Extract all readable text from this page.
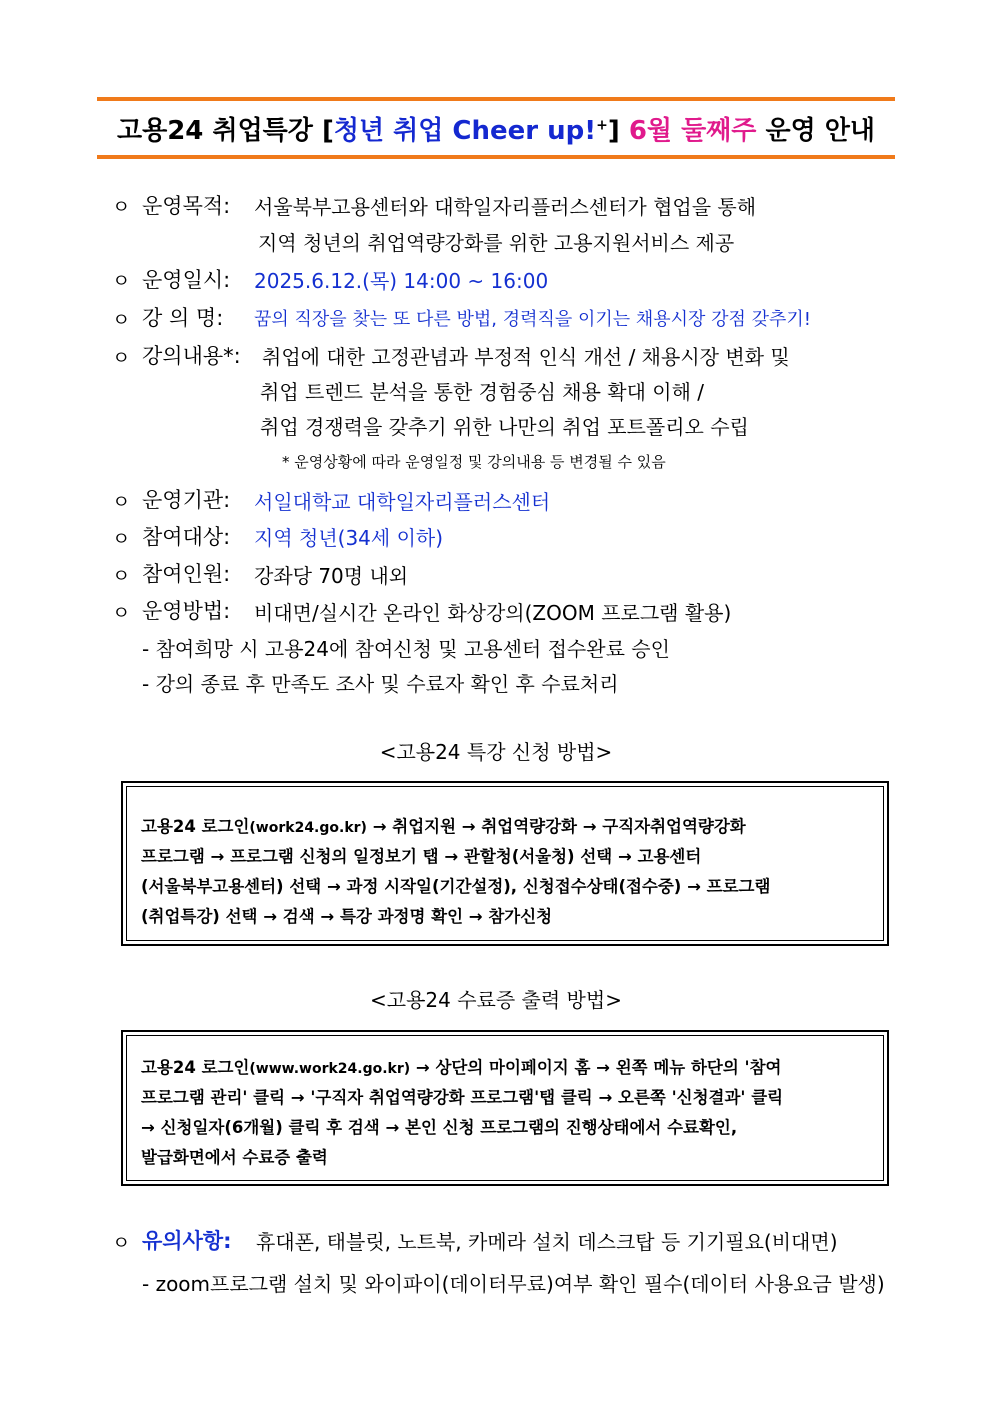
고용24 취업특강 [청년 취업 Cheer up!+] 6월 둘째주 운영 안내
ㅇ 운영목적: 서울북부고용센터와 대학일자리플러스센터가 협업을 통해
지역 청년의 취업역량강화를 위한 고용지원서비스 제공
ㅇ 운영일시: 2025.6.12.(목) 14:00 ~ 16:00
ㅇ 강 의 명: 꿈의 직장을 찾는 또 다른 방법, 경력직을 이기는 채용시장 강점 갖추기!
ㅇ 강의내용*: 취업에 대한 고정관념과 부정적 인식 개선 / 채용시장 변화 및
취업 트렌드 분석을 통한 경험중심 채용 확대 이해 /
취업 경쟁력을 갖추기 위한 나만의 취업 포트폴리오 수립
* 운영상황에 따라 운영일정 및 강의내용 등 변경될 수 있음
ㅇ 운영기관: 서일대학교 대학일자리플러스센터
ㅇ 참여대상: 지역 청년(34세 이하)
ㅇ 참여인원: 강좌당 70명 내외
ㅇ 운영방법: 비대면/실시간 온라인 화상강의(ZOOM 프로그램 활용)
- 참여희망 시 고용24에 참여신청 및 고용센터 접수완료 승인
- 강의 종료 후 만족도 조사 및 수료자 확인 후 수료처리
<고용24 특강 신청 방법>
고용24 로그인(work24.go.kr) → 취업지원 → 취업역량강화 → 구직자취업역량강화
프로그램 → 프로그램 신청의 일정보기 탭 → 관할청(서울청) 선택 → 고용센터
(서울북부고용센터) 선택 → 과정 시작일(기간설정), 신청접수상태(접수중) → 프로그램
(취업특강) 선택 → 검색 → 특강 과정명 확인 → 참가신청
<고용24 수료증 출력 방법>
고용24 로그인(www.work24.go.kr) → 상단의 마이페이지 홈 → 왼쪽 메뉴 하단의 '참여
프로그램 관리' 클릭 → '구직자 취업역량강화 프로그램'탭 클릭 → 오른쪽 '신청결과' 클릭
→ 신청일자(6개월) 클릭 후 검색 → 본인 신청 프로그램의 진행상태에서 수료확인,
발급화면에서 수료증 출력
ㅇ 유의사항: 휴대폰, 태블릿, 노트북, 카메라 설치 데스크탑 등 기기필요(비대면)
- zoom프로그램 설치 및 와이파이(데이터무료)여부 확인 필수(데이터 사용요금 발생)
